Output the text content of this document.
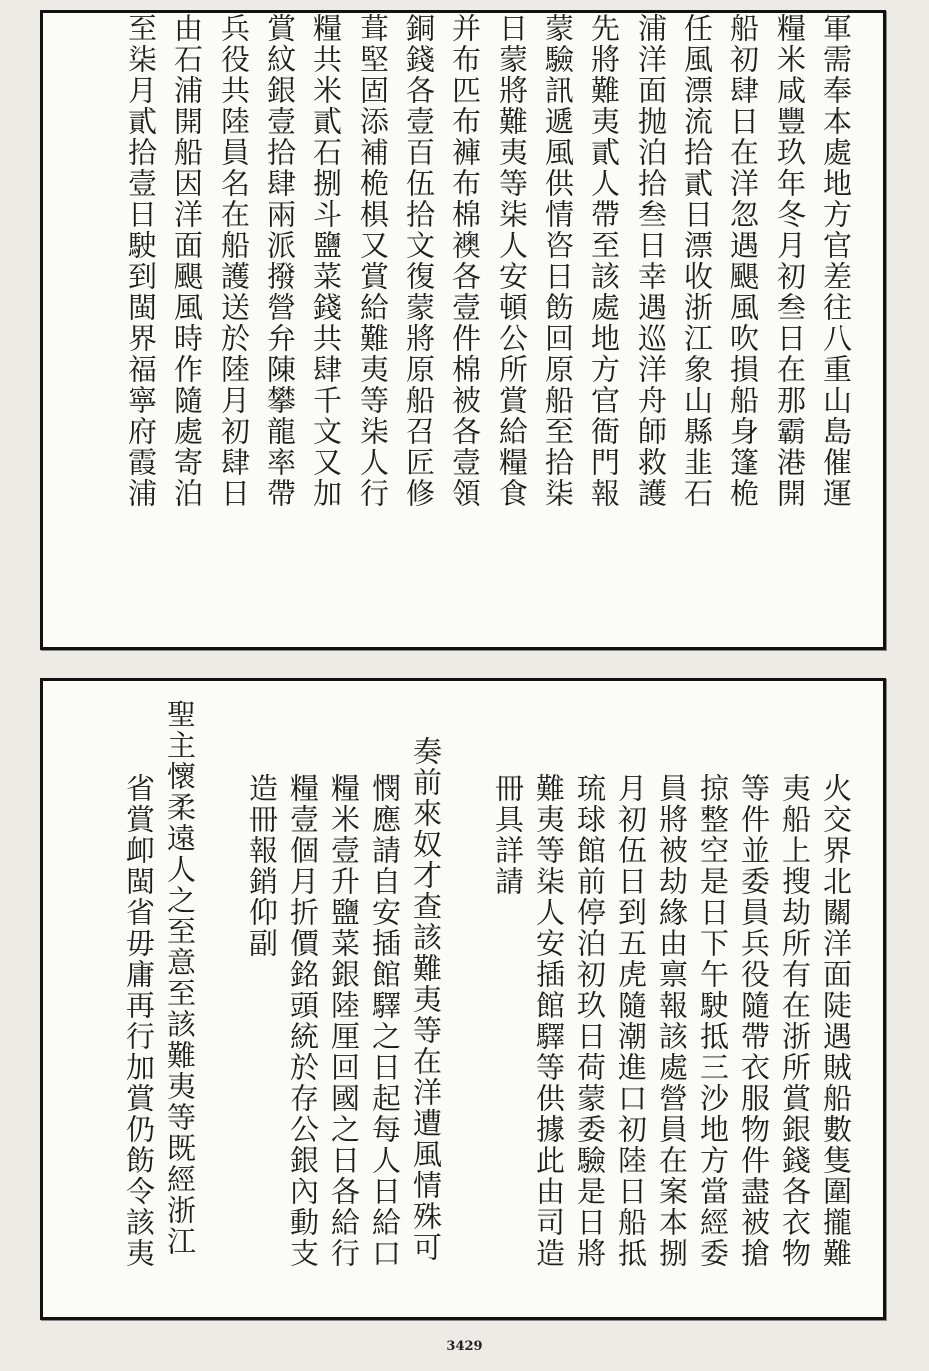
軍需奉本處地方官差往八重山島催運

糧米咸豐玖年冬月初叁日在那霸港開

船初肆日在洋忽遇颶風吹損船身篷桅

任風漂流拾貳日漂收浙江象山縣韭石

浦洋面抛泊拾叁日幸遇巡洋舟師救護

先將難夷貳人帶至該處地方官衙門報

蒙驗訊遞風供情咨日飭回原船至拾柒

日蒙將難夷等柒人安頓公所賞給糧食

并布匹布褲布棉襖各壹件棉被各壹領

銅錢各壹百伍拾文復蒙將原船召匠修

葺堅固添補桅椇又賞給難夷等柒人行

糧共米貳石捌斗鹽菜錢共肆千文又加

賞紋銀壹拾肆兩派撥營弁陳攀龍率帶

兵役共陸員名在船護送於陸月初肆日

由石浦開船因洋面颶風時作隨處寄泊

至柒月貳拾壹日駛到閩界福寧府霞浦

火交界北關洋面陡遇賊船數隻圍攏難

夷船上搜劫所有在浙所賞銀錢各衣物

等件並委員兵役隨帶衣服物件盡被搶

掠整空是日下午駛抵三沙地方當經委

員將被劫緣由禀報該處營員在案本捌

月初伍日到五虎隨潮進口初陸日船抵

琉球館前停泊初玖日荷蒙委驗是日將

難夷等柒人安插館驛等供據此由司造

冊具詳請

奏前來奴才查該難夷等在洋遭風情殊可

憫應請自安插館驛之日起每人日給口

糧米壹升鹽菜銀陸厘回國之日各給行

糧壹個月折價銘頭統於存公銀內動支

造冊報銷仰副

聖主懷柔遠人之至意至該難夷等既經浙江

省賞卹閩省毋庸再行加賞仍飭令該夷

3429
